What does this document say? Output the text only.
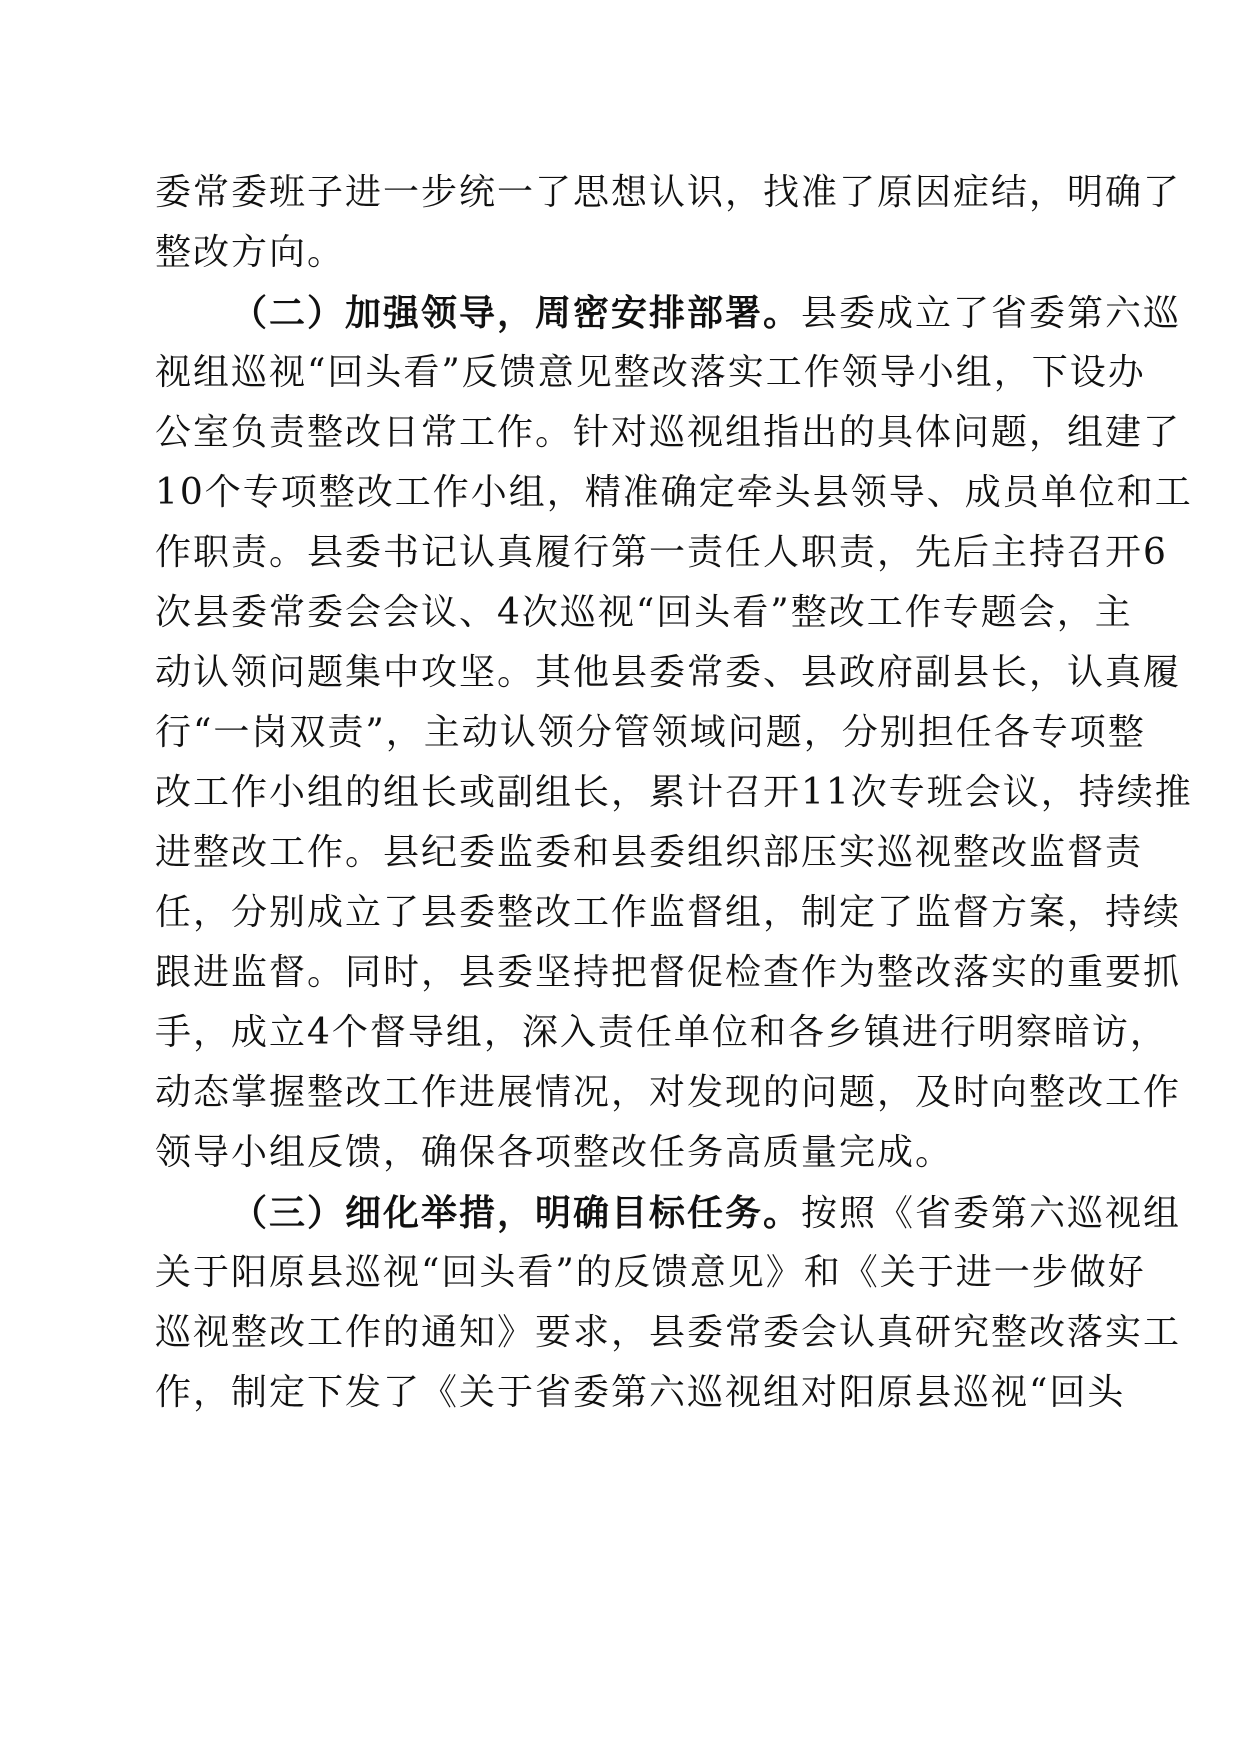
委常委班子进一步统一了思想认识，找准了原因症结，明确了
整改方向。
（二）加强领导，周密安排部署。县委成立了省委第六巡
视组巡视“回头看”反馈意见整改落实工作领导小组，下设办
公室负责整改日常工作。针对巡视组指出的具体问题，组建了
10个专项整改工作小组，精准确定牵头县领导、成员单位和工
作职责。县委书记认真履行第一责任人职责，先后主持召开6
次县委常委会会议、4次巡视“回头看”整改工作专题会，主
动认领问题集中攻坚。其他县委常委、县政府副县长，认真履
行“一岗双责”，主动认领分管领域问题，分别担任各专项整
改工作小组的组长或副组长，累计召开11次专班会议，持续推
进整改工作。县纪委监委和县委组织部压实巡视整改监督责
任，分别成立了县委整改工作监督组，制定了监督方案，持续
跟进监督。同时，县委坚持把督促检查作为整改落实的重要抓
手，成立4个督导组，深入责任单位和各乡镇进行明察暗访，
动态掌握整改工作进展情况，对发现的问题，及时向整改工作
领导小组反馈，确保各项整改任务高质量完成。
（三）细化举措，明确目标任务。按照《省委第六巡视组
关于阳原县巡视“回头看”的反馈意见》和《关于进一步做好
巡视整改工作的通知》要求，县委常委会认真研究整改落实工
作，制定下发了《关于省委第六巡视组对阳原县巡视“回头
